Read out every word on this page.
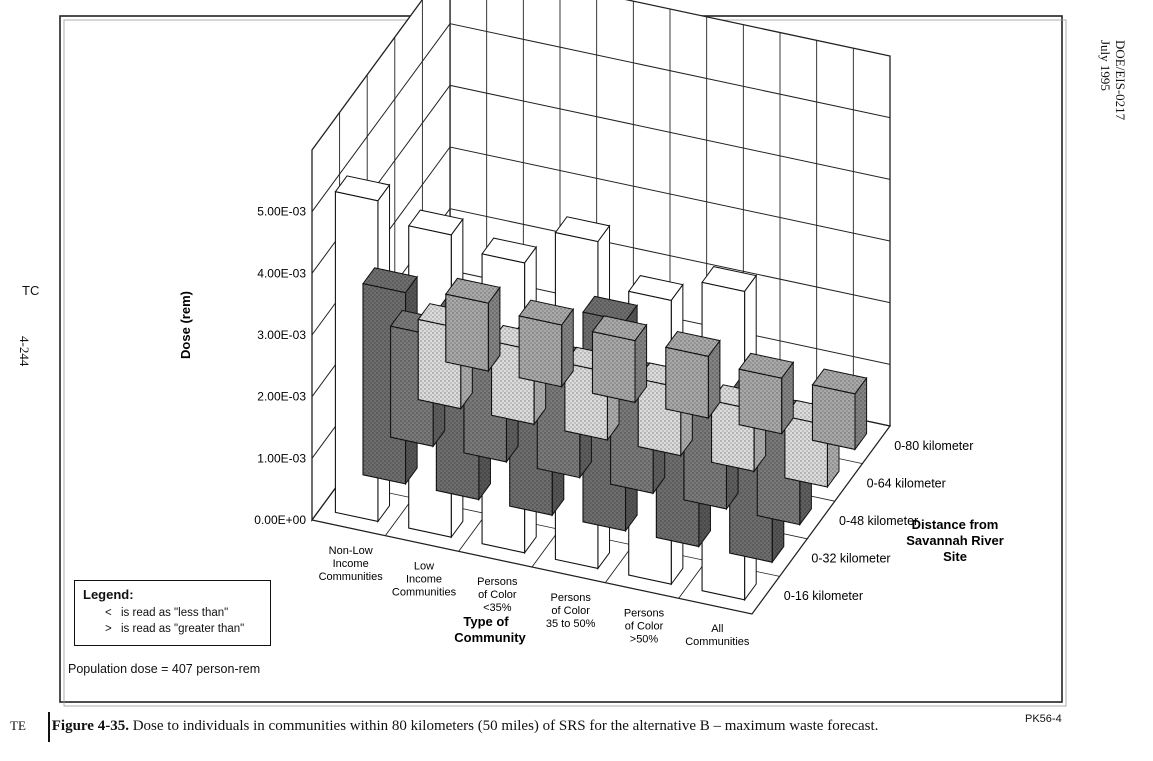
0.00E+00
1.00E-03
2.00E-03
3.00E-03
4.00E-03
5.00E-03
Non-Low Income Communities
Low Income Communities
Persons of Color <35%
Persons of Color 35 to 50%
Persons of Color >50%
All Communities
0-16 kilometer
0-32 kilometer
0-48 kilometer
0-64 kilometer
0-80 kilometer
Dose (rem)
Type of
Community
Distance from
Savannah River
Site
DOE/EIS-0217
July 1995
TC
4-244
Legend:
< is read as "less than"
> is read as "greater than"
Population dose = 407 person-rem
PK56-4
TE Figure 4-35. Dose to individuals in communities within 80 kilometers (50 miles) of SRS for the alternative B – maximum waste forecast.
